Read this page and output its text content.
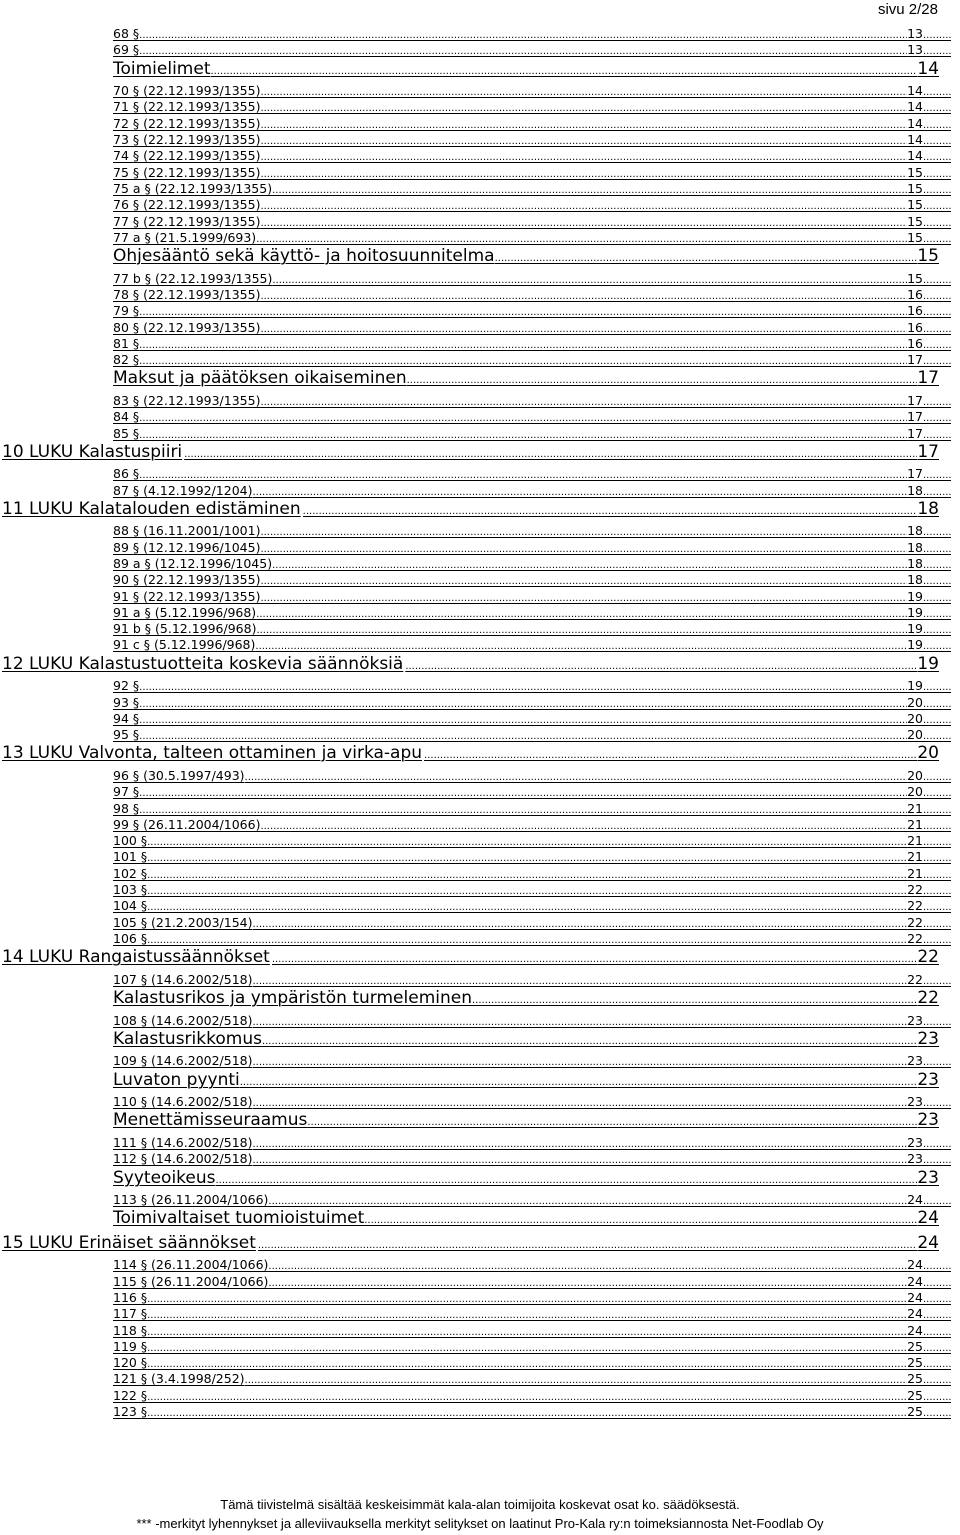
sivu 2/28
68 § .....	13
.....
69 § .....	13
.....
Toimielimet .....	14
70 § (22.12.1993/1355) .....	14
.....
71 § (22.12.1993/1355) .....	14
.....
72 § (22.12.1993/1355) .....	14
.....
73 § (22.12.1993/1355) .....	14
.....
74 § (22.12.1993/1355) .....	14
.....
75 § (22.12.1993/1355) .....	15
.....
75 a § (22.12.1993/1355) .....	15
.....
76 § (22.12.1993/1355) .....	15
.....
77 § (22.12.1993/1355) .....	15
.....
77 a § (21.5.1999/693) .....	15
.....
Ohjesääntö sekä käyttö- ja hoitosuunnitelma .....	15
77 b § (22.12.1993/1355) .....	15
.....
78 § (22.12.1993/1355) .....	16
.....
79 § .....	16
.....
80 § (22.12.1993/1355) .....	16
.....
81 § .....	16
.....
82 § .....	17
.....
Maksut ja päätöksen oikaiseminen .....	17
83 § (22.12.1993/1355) .....	17
.....
84 § .....	17
.....
85 § .....	17
.....
10 LUKU Kalastuspiiri .....	17
86 § .....	17
.....
87 § (4.12.1992/1204) .....	18
.....
11 LUKU Kalatalouden edistäminen .....	18
88 § (16.11.2001/1001) .....	18
.....
89 § (12.12.1996/1045) .....	18
.....
89 a § (12.12.1996/1045) .....	18
.....
90 § (22.12.1993/1355) .....	18
.....
91 § (22.12.1993/1355) .....	19
.....
91 a § (5.12.1996/968) .....	19
.....
91 b § (5.12.1996/968) .....	19
.....
91 c § (5.12.1996/968) .....	19
.....
12 LUKU Kalastustuotteita koskevia säännöksiä .....	19
92 § .....	19
.....
93 § .....	20
.....
94 § .....	20
.....
95 § .....	20
.....
13 LUKU Valvonta, talteen ottaminen ja virka-apu .....	20
96 § (30.5.1997/493) .....	20
.....
97 § .....	20
.....
98 § .....	21
.....
99 § (26.11.2004/1066) .....	21
.....
100 § .....	21
.....
101 § .....	21
.....
102 § .....	21
.....
103 § .....	22
.....
104 § .....	22
.....
105 § (21.2.2003/154) .....	22
.....
106 § .....	22
.....
14 LUKU Rangaistussäännökset .....	22
107 § (14.6.2002/518) .....	22
.....
Kalastusrikos ja ympäristön turmeleminen .....	22
108 § (14.6.2002/518) .....	23
.....
Kalastusrikkomus .....	23
109 § (14.6.2002/518) .....	23
.....
Luvaton pyynti .....	23
110 § (14.6.2002/518) .....	23
.....
Menettämisseuraamus .....	23
111 § (14.6.2002/518) .....	23
.....
112 § (14.6.2002/518) .....	23
.....
Syyteoikeus .....	23
113 § (26.11.2004/1066) .....	24
.....
Toimivaltaiset tuomioistuimet .....	24
15 LUKU Erinäiset säännökset .....	24
114 § (26.11.2004/1066) .....	24
.....
115 § (26.11.2004/1066) .....	24
.....
116 § .....	24
.....
117 § .....	24
.....
118 § .....	24
.....
119 § .....	25
.....
120 § .....	25
.....
121 § (3.4.1998/252) .....	25
.....
122 § .....	25
.....
123 § .....	25
.....
Tämä tiivistelmä sisältää keskeisimmät kala-alan toimijoita koskevat osat ko. säädöksestä.
*** -merkityt lyhennykset ja alleviivauksella merkityt selitykset on laatinut Pro-Kala ry:n toimeksiannosta Net-Foodlab Oy
